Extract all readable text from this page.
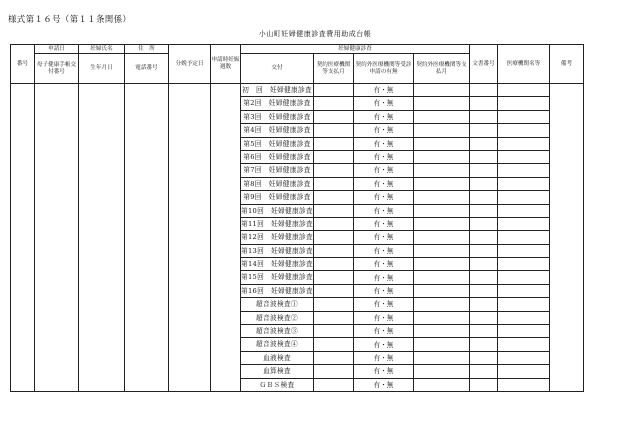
様式第１６号（第１１条関係）
小山町妊婦健康診査費用助成台帳
番号	申請日	妊婦氏名	住　所	分娩予定日	申請時妊娠週数	妊婦健康診査				文書番号	医療機関名等	備考
	母子健康手帳交付番号	生年月日	電話番号			交付	契約医療機関等支払月	契約外医療機関等受診申請の有無	契約外医療機関等支払月			
						初　回　妊婦健康診査		有・無				
						第2回　妊婦健康診査		有・無				
						第3回　妊婦健康診査		有・無				
						第4回　妊婦健康診査		有・無				
						第5回　妊婦健康診査		有・無				
						第6回　妊婦健康診査		有・無				
						第7回　妊婦健康診査		有・無				
						第8回　妊婦健康診査		有・無				
						第9回　妊婦健康診査		有・無				
						第10回　妊婦健康診査		有・無				
						第11回　妊婦健康診査		有・無				
						第12回　妊婦健康診査		有・無				
						第13回　妊婦健康診査		有・無				
						第14回　妊婦健康診査		有・無				
						第15回　妊婦健康診査		有・無				
						第16回　妊婦健康診査		有・無				
						超音波検査①		有・無				
						超音波検査②		有・無				
						超音波検査③		有・無				
						超音波検査④		有・無				
						血液検査		有・無				
						血算検査		有・無				
						ＧＢＳ検査		有・無				
